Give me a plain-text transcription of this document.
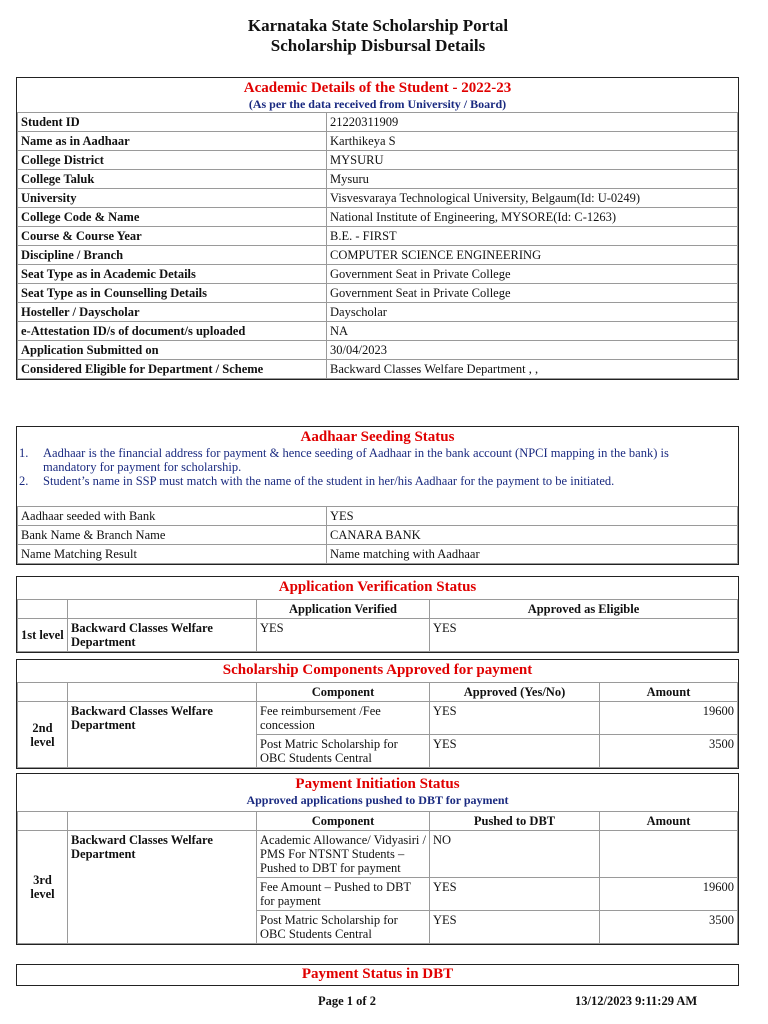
Karnataka State Scholarship Portal
Scholarship Disbursal Details
Academic Details of the Student - 2022-23
(As per the data received from University / Board)
Student ID	21220311909
Name as in Aadhaar	Karthikeya S
College District	MYSURU
College Taluk	Mysuru
University	Visvesvaraya Technological University, Belgaum(Id: U-0249)
College Code & Name	National Institute of Engineering, MYSORE(Id: C-1263)
Course & Course Year	B.E. - FIRST
Discipline / Branch	COMPUTER SCIENCE ENGINEERING
Seat Type as in Academic Details	Government Seat in Private College
Seat Type as in Counselling Details	Government Seat in Private College
Hosteller / Dayscholar	Dayscholar
e-Attestation ID/s of document/s uploaded	NA
Application Submitted on	30/04/2023
Considered Eligible for Department / Scheme	Backward Classes Welfare Department , ,
Aadhaar Seeding Status
1. Aadhaar is the financial address for payment & hence seeding of Aadhaar in the bank account (NPCI mapping in the bank) is
mandatory for payment for scholarship.
2. Student’s name in SSP must match with the name of the student in her/his Aadhaar for the payment to be initiated.
Aadhaar seeded with Bank	YES
Bank Name & Branch Name	CANARA BANK
Name Matching Result	Name matching with Aadhaar
Application Verification Status
		Application Verified	Approved as Eligible
1st level	Backward Classes Welfare Department	YES	YES
Scholarship Components Approved for payment
		Component	Approved (Yes/No)	Amount
2nd level	Backward Classes Welfare Department	Fee reimbursement /Fee concession	YES	19600
		Post Matric Scholarship for OBC Students Central	YES	3500
Payment Initiation Status
Approved applications pushed to DBT for payment
		Component	Pushed to DBT	Amount
3rd level	Backward Classes Welfare Department	Academic Allowance/ Vidyasiri / PMS For NTSNT Students – Pushed to DBT for payment	NO	
		Fee Amount – Pushed to DBT for payment	YES	19600
		Post Matric Scholarship for OBC Students Central	YES	3500
Payment Status in DBT
Page 1 of 2	13/12/2023 9:11:29 AM
